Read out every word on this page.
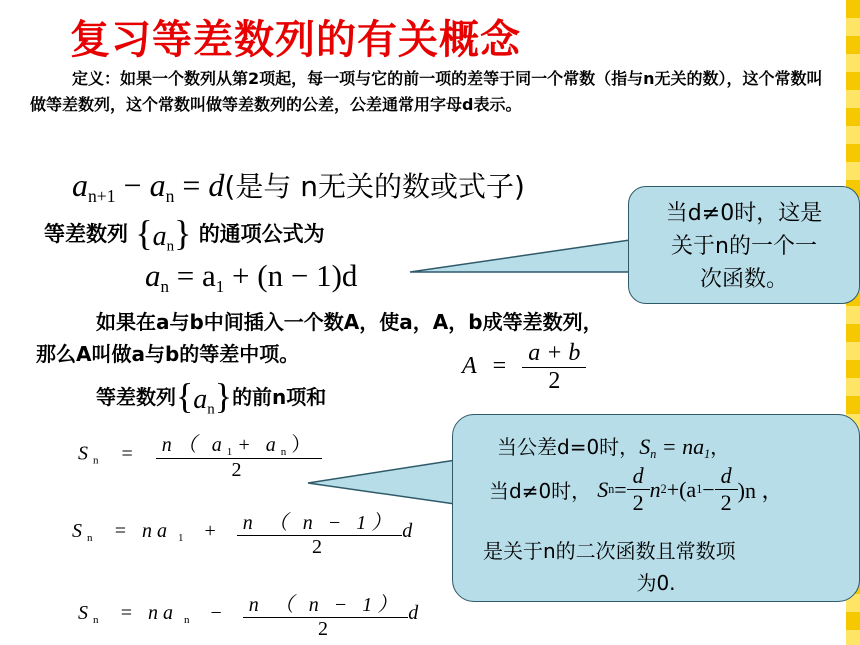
复习等差数列的有关概念
定义：如果一个数列从第2项起，每一项与它的前一项的差等于同一个常数（指与n无关的数），这个常数叫做等差数列，这个常数叫做等差数列的公差，公差通常用字母d表示。
$a_{n+1} - a_n = d$(是与 n无关的数或式子)
等差数列 $\{a_n\}$ 的通项公式为
$a_n = a_1 + (n - 1)d$
当d≠0时，这是
关于n的一个一
次函数。
如果在a与b中间插入一个数A，使a，A，b成等差数列，
那么A叫做a与b的等差中项。	$A = \frac{a + b}{2}$
等差数列$\{a_n\}$的前n项和
$S_n = \frac{n( a_1+ a_n)}{2}$
$S_n$ = na $_1 + \frac{n ( n - 1)}{2}$ d
$S_n$ = na $_n - \frac{n ( n - 1)}{2}$ d
当公差d=0时，$S_n = na_1$，
当d≠0时， S $n = \frac{d}{2}$ n 2 +(a $1 - \frac{d}{2} )n$ ，
是关于n的二次函数且常数项
为0.
